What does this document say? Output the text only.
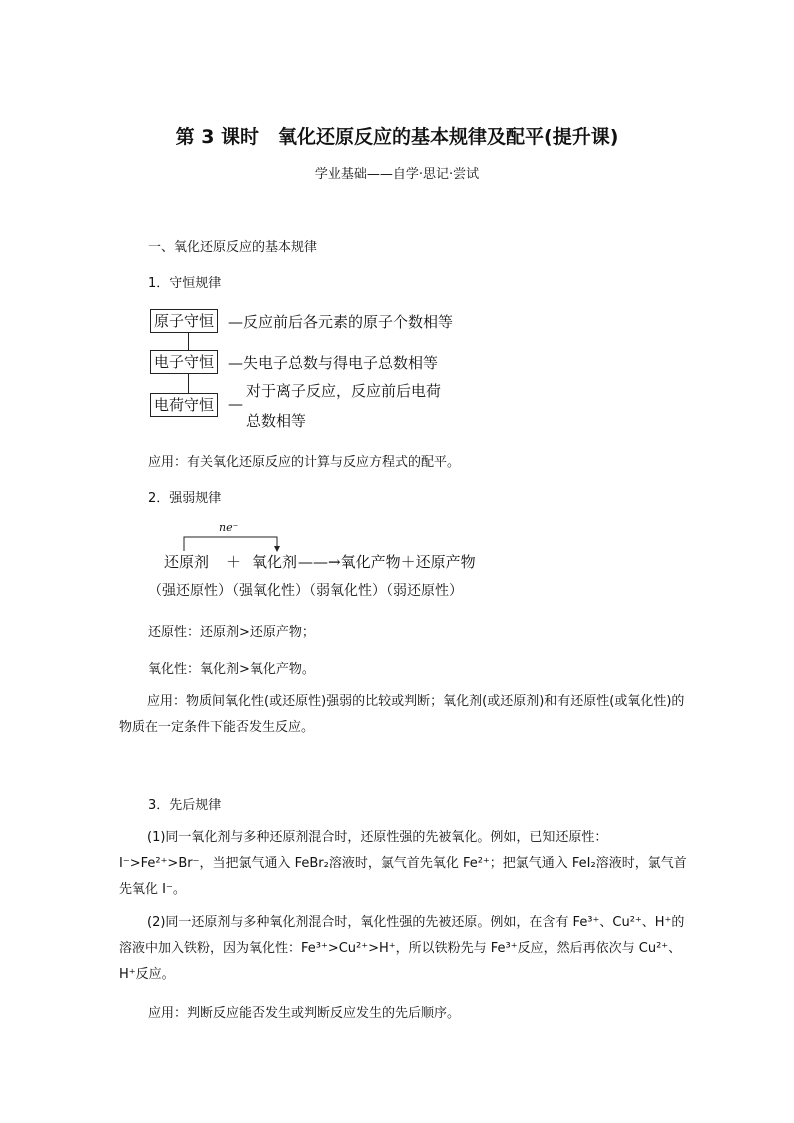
第 3 课时　氧化还原反应的基本规律及配平(提升课)
学业基础——自学·思记·尝试
一、氧化还原反应的基本规律
1．守恒规律
原子守恒 —反应前后各元素的原子个数相等
电子守恒 —失电子总数与得电子总数相等
电荷守恒 —
对于离子反应，反应前后电荷
总数相等
应用：有关氧化还原反应的计算与反应方程式的配平。
2．强弱规律
ne⁻
还原剂 ＋ 氧化剂 ——→氧化产物＋还原产物
（强还原性）（强氧化性）（弱氧化性）（弱还原性）
还原性：还原剂>还原产物；
氧化性：氧化剂>氧化产物。
应用：物质间氧化性(或还原性)强弱的比较或判断；氧化剂(或还原剂)和有还原性(或氧化性)的物质在一定条件下能否发生反应。
3．先后规律
(1)同一氧化剂与多种还原剂混合时，还原性强的先被氧化。例如，已知还原性：I⁻>Fe²⁺>Br⁻，当把氯气通入 FeBr₂溶液时，氯气首先氧化 Fe²⁺；把氯气通入 FeI₂溶液时，氯气首先氧化 I⁻。
(2)同一还原剂与多种氧化剂混合时，氧化性强的先被还原。例如，在含有 Fe³⁺、Cu²⁺、H⁺的溶液中加入铁粉，因为氧化性：Fe³⁺>Cu²⁺>H⁺，所以铁粉先与 Fe³⁺反应，然后再依次与 Cu²⁺、H⁺反应。
应用：判断反应能否发生或判断反应发生的先后顺序。
